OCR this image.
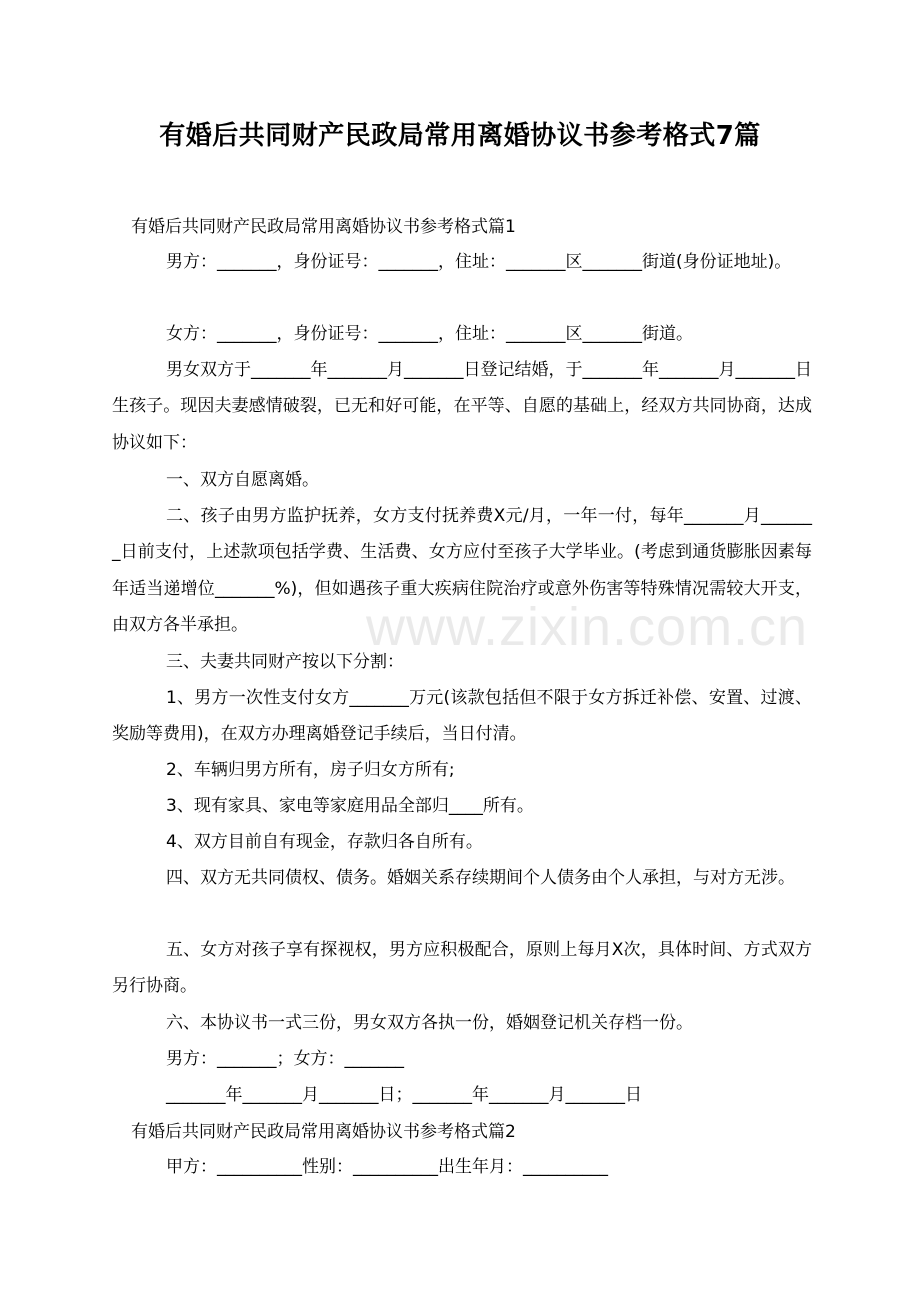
有婚后共同财产民政局常用离婚协议书参考格式7篇
有婚后共同财产民政局常用离婚协议书参考格式篇1
男方：_______，身份证号：_______，住址：_______区_______街道(身份证地址)。
女方：_______，身份证号：_______，住址：_______区_______街道。
男女双方于_______年_______月_______日登记结婚，于_______年_______月_______日生孩子。现因夫妻感情破裂，已无和好可能，在平等、自愿的基础上，经双方共同协商，达成协议如下：
一、双方自愿离婚。
二、孩子由男方监护抚养，女方支付抚养费X元/月，一年一付，每年_______月_______日前支付，上述款项包括学费、生活费、女方应付至孩子大学毕业。(考虑到通货膨胀因素每年适当递增位_______%)，但如遇孩子重大疾病住院治疗或意外伤害等特殊情况需较大开支，由双方各半承担。
三、夫妻共同财产按以下分割：
1、男方一次性支付女方_______万元(该款包括但不限于女方拆迁补偿、安置、过渡、奖励等费用)，在双方办理离婚登记手续后，当日付清。
2、车辆归男方所有，房子归女方所有;
3、现有家具、家电等家庭用品全部归____所有。
4、双方目前自有现金，存款归各自所有。
四、双方无共同债权、债务。婚姻关系存续期间个人债务由个人承担，与对方无涉。
五、女方对孩子享有探视权，男方应积极配合，原则上每月X次，具体时间、方式双方另行协商。
六、本协议书一式三份，男女双方各执一份，婚姻登记机关存档一份。
男方：_______；女方：_______
_______年_______月_______日；_______年_______月_______日
有婚后共同财产民政局常用离婚协议书参考格式篇2
甲方：__________性别：__________出生年月：__________
www.zixin.com.cn
